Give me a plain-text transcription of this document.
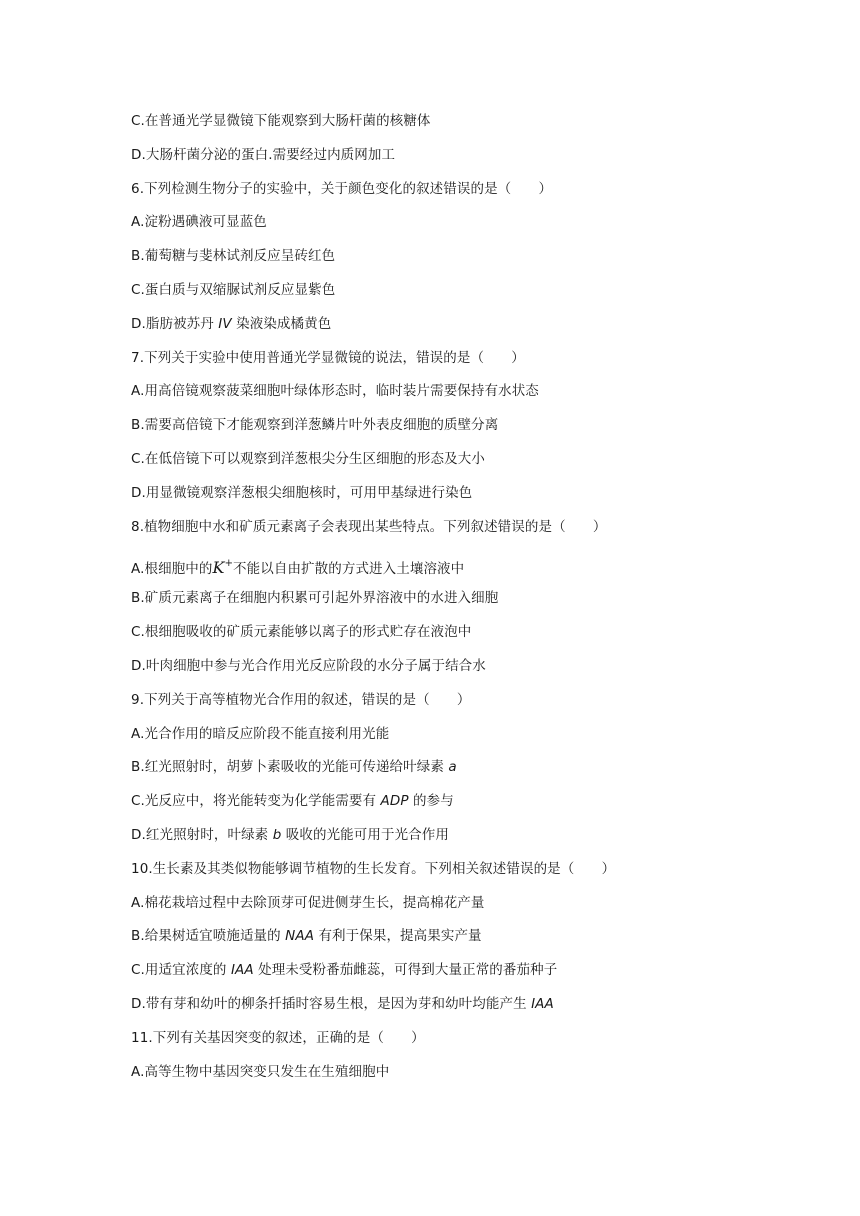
C.在普通光学显微镜下能观察到大肠杆菌的核糖体
D.大肠杆菌分泌的蛋白.需要经过内质网加工
6.下列检测生物分子的实验中，关于颜色变化的叙述错误的是（　　）
A.淀粉遇碘液可显蓝色
B.葡萄糖与斐林试剂反应呈砖红色
C.蛋白质与双缩脲试剂反应显紫色
D.脂肪被苏丹 IV 染液染成橘黄色
7.下列关于实验中使用普通光学显微镜的说法，错误的是（　　）
A.用高倍镜观察菠菜细胞叶绿体形态时，临时装片需要保持有水状态
B.需要高倍镜下才能观察到洋葱鳞片叶外表皮细胞的质壁分离
C.在低倍镜下可以观察到洋葱根尖分生区细胞的形态及大小
D.用显微镜观察洋葱根尖细胞核时，可用甲基绿进行染色
8.植物细胞中水和矿质元素离子会表现出某些特点。下列叙述错误的是（　　）
A.根细胞中的K+不能以自由扩散的方式进入土壤溶液中
B.矿质元素离子在细胞内积累可引起外界溶液中的水进入细胞
C.根细胞吸收的矿质元素能够以离子的形式贮存在液泡中
D.叶肉细胞中参与光合作用光反应阶段的水分子属于结合水
9.下列关于高等植物光合作用的叙述，错误的是（　　）
A.光合作用的暗反应阶段不能直接利用光能
B.红光照射时，胡萝卜素吸收的光能可传递给叶绿素 a
C.光反应中，将光能转变为化学能需要有 ADP 的参与
D.红光照射时，叶绿素 b 吸收的光能可用于光合作用
10.生长素及其类似物能够调节植物的生长发育。下列相关叙述错误的是（　　）
A.棉花栽培过程中去除顶芽可促进侧芽生长，提高棉花产量
B.给果树适宜喷施适量的 NAA 有利于保果，提高果实产量
C.用适宜浓度的 IAA 处理未受粉番茄雌蕊，可得到大量正常的番茄种子
D.带有芽和幼叶的柳条扦插时容易生根，是因为芽和幼叶均能产生 IAA
11.下列有关基因突变的叙述，正确的是（　　）
A.高等生物中基因突变只发生在生殖细胞中
